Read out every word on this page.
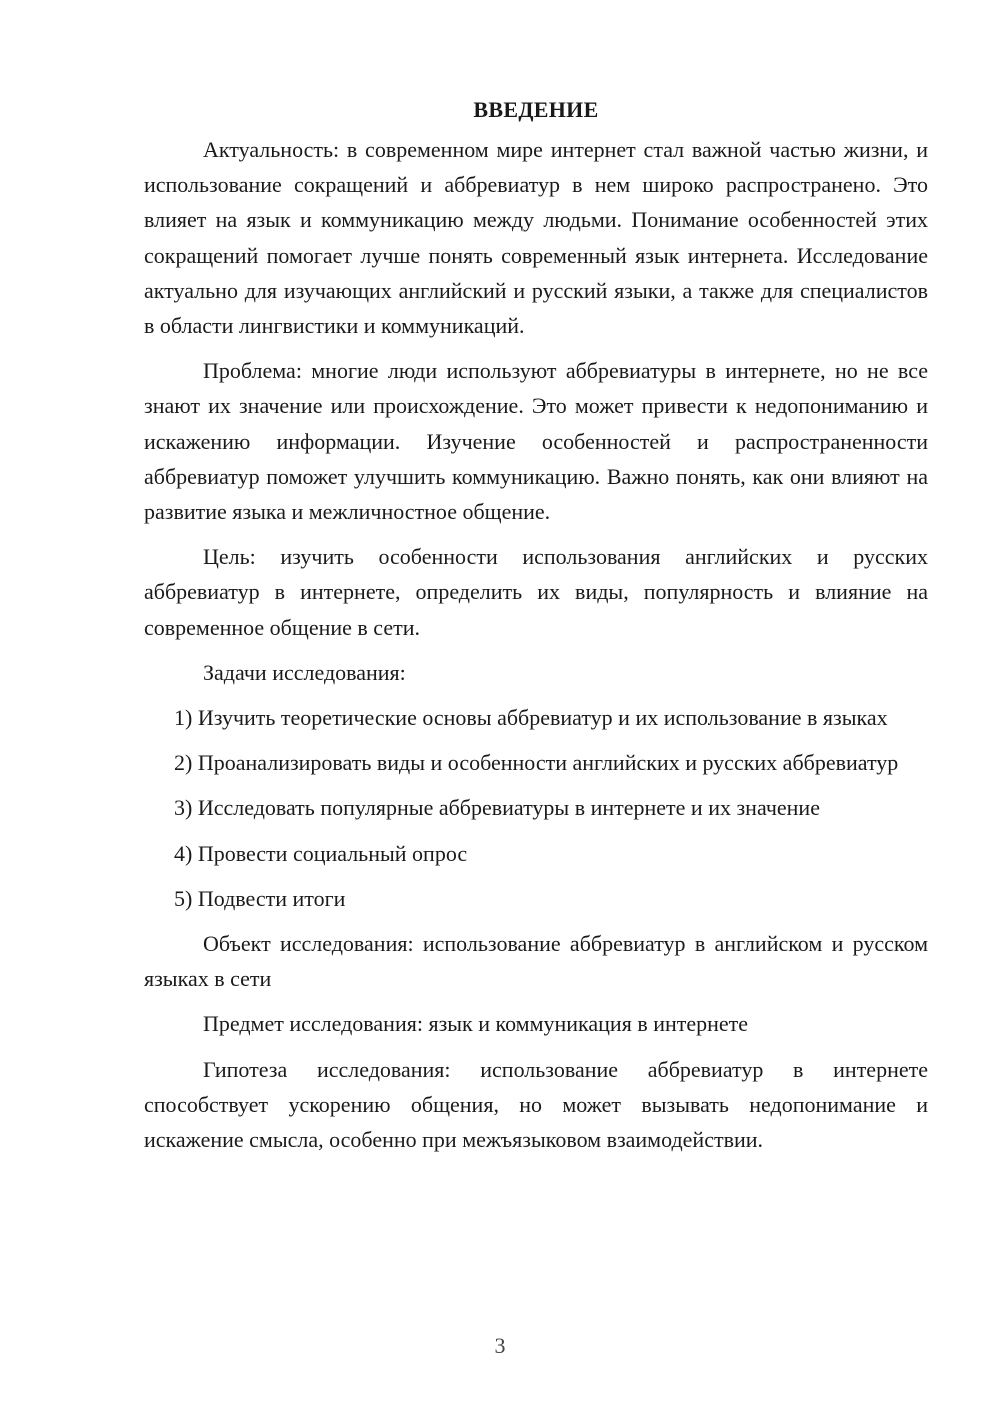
ВВЕДЕНИЕ

Актуальность: в современном мире интернет стал важной частью жизни, и использование сокращений и аббревиатур в нем широко распространено. Это влияет на язык и коммуникацию между людьми. Понимание особенностей этих сокращений помогает лучше понять современный язык интернета. Исследование актуально для изучающих английский и русский языки, а также для специалистов в области лингвистики и коммуникаций.

Проблема: многие люди используют аббревиатуры в интернете, но не все знают их значение или происхождение. Это может привести к недопониманию и искажению информации. Изучение особенностей и распространенности аббревиатур поможет улучшить коммуникацию. Важно понять, как они влияют на развитие языка и межличностное общение.

Цель: изучить особенности использования английских и русских аббревиатур в интернете, определить их виды, популярность и влияние на современное общение в сети.

Задачи исследования:

1) Изучить теоретические основы аббревиатур и их использование в языках

2) Проанализировать виды и особенности английских и русских аббревиатур

3) Исследовать популярные аббревиатуры в интернете и их значение

4) Провести социальный опрос

5) Подвести итоги

Объект исследования: использование аббревиатур в английском и русском языках в сети

Предмет исследования: язык и коммуникация в интернете

Гипотеза исследования: использование аббревиатур в интернете способствует ускорению общения, но может вызывать недопонимание и искажение смысла, особенно при межъязыковом взаимодействии.

3
